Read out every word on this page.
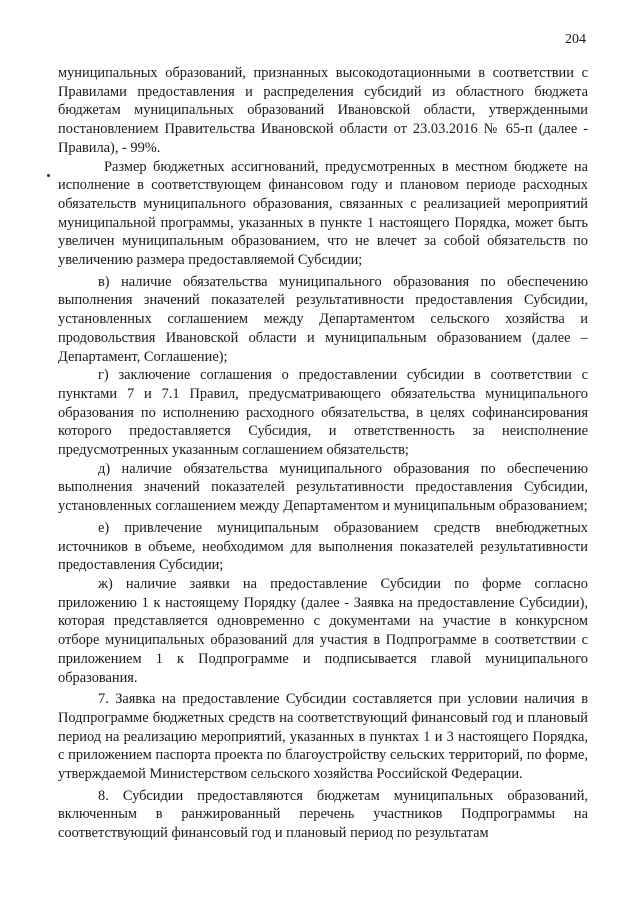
204

муниципальных образований, признанных высокодотационными в соответствии с Правилами предоставления и распределения субсидий из областного бюджета бюджетам муниципальных образований Ивановской области, утвержденными постановлением Правительства Ивановской области от 23.03.2016 № 65-п (далее - Правила), - 99%.

Размер бюджетных ассигнований, предусмотренных в местном бюджете на исполнение в соответствующем финансовом году и плановом периоде расходных обязательств муниципального образования, связанных с реализацией мероприятий муниципальной программы, указанных в пункте 1 настоящего Порядка, может быть увеличен муниципальным образованием, что не влечет за собой обязательств по увеличению размера предоставляемой Субсидии;

в) наличие обязательства муниципального образования по обеспечению выполнения значений показателей результативности предоставления Субсидии, установленных соглашением между Департаментом сельского хозяйства и продовольствия Ивановской области и муниципальным образованием (далее – Департамент, Соглашение);

г) заключение соглашения о предоставлении субсидии в соответствии с пунктами 7 и 7.1 Правил, предусматривающего обязательства муниципального образования по исполнению расходного обязательства, в целях софинансирования которого предоставляется Субсидия, и ответственность за неисполнение предусмотренных указанным соглашением обязательств;

д) наличие обязательства муниципального образования по обеспечению выполнения значений показателей результативности предоставления Субсидии, установленных соглашением между Департаментом и муниципальным образованием;

е) привлечение муниципальным образованием средств внебюджетных источников в объеме, необходимом для выполнения показателей результативности предоставления Субсидии;

ж) наличие заявки на предоставление Субсидии по форме согласно приложению 1 к настоящему Порядку (далее - Заявка на предоставление Субсидии), которая представляется одновременно с документами на участие в конкурсном отборе муниципальных образований для участия в Подпрограмме в соответствии с приложением 1 к Подпрограмме и подписывается главой муниципального образования.

7. Заявка на предоставление Субсидии составляется при условии наличия в Подпрограмме бюджетных средств на соответствующий финансовый год и плановый период на реализацию мероприятий, указанных в пунктах 1 и 3 настоящего Порядка, с приложением паспорта проекта по благоустройству сельских территорий, по форме, утверждаемой Министерством сельского хозяйства Российской Федерации.

8. Субсидии предоставляются бюджетам муниципальных образований, включенным в ранжированный перечень участников Подпрограммы на соответствующий финансовый год и плановый период по результатам
